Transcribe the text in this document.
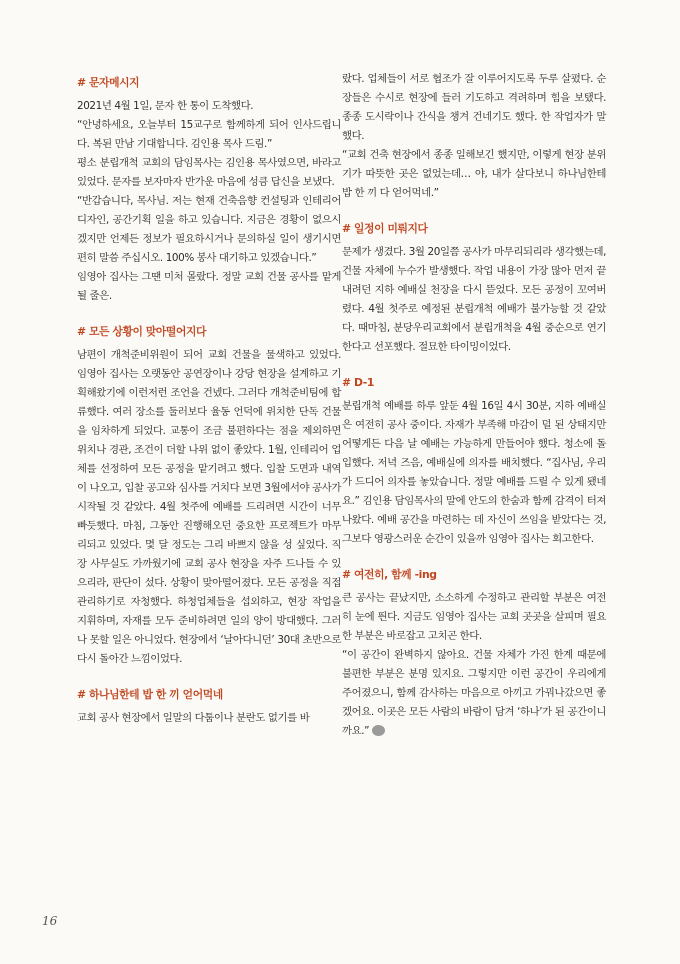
# 문자메시지

2021년 4월 1일, 문자 한 통이 도착했다.

“안녕하세요, 오늘부터 15교구로 함께하게 되어 인사드립니다. 복된 만남 기대합니다. 김인용 목사 드림.”

평소 분립개척 교회의 담임목사는 김인용 목사였으면, 바라고 있었다. 문자를 보자마자 반가운 마음에 성큼 답신을 보냈다.

“반갑습니다, 목사님. 저는 현재 건축음향 컨설팅과 인테리어 디자인, 공간기획 일을 하고 있습니다. 지금은 경황이 없으시겠지만 언제든 정보가 필요하시거나 문의하실 일이 생기시면 편히 말씀 주십시오. 100% 봉사 대기하고 있겠습니다.”

임영아 집사는 그땐 미처 몰랐다. 정말 교회 건물 공사를 맡게 될 줄은.

# 모든 상황이 맞아떨어지다

남편이 개척준비위원이 되어 교회 건물을 물색하고 있었다. 임영아 집사는 오랫동안 공연장이나 강당 현장을 설계하고 기획해왔기에 이런저런 조언을 건넸다. 그러다 개척준비팀에 합류했다. 여러 장소를 둘러보다 율동 언덕에 위치한 단독 건물을 임차하게 되었다. 교통이 조금 불편하다는 점을 제외하면 위치나 경관, 조건이 더할 나위 없이 좋았다. 1월, 인테리어 업체를 선정하여 모든 공정을 맡기려고 했다. 입찰 도면과 내역이 나오고, 입찰 공고와 심사를 거치다 보면 3월에서야 공사가 시작될 것 같았다. 4월 첫주에 예배를 드리려면 시간이 너무 빠듯했다. 마침, 그동안 진행해오던 중요한 프로젝트가 마무리되고 있었다. 몇 달 정도는 그리 바쁘지 않을 성 싶었다. 직장 사무실도 가까웠기에 교회 공사 현장을 자주 드나들 수 있으리라, 판단이 섰다. 상황이 맞아떨어졌다. 모든 공정을 직접 관리하기로 자청했다. 하청업체들을 섭외하고, 현장 작업을 지휘하며, 자재를 모두 준비하려면 일의 양이 방대했다. 그러나 못할 일은 아니었다. 현장에서 ‘날아다니던’ 30대 초반으로 다시 돌아간 느낌이었다.

# 하나님한테 밥 한 끼 얻어먹네

교회 공사 현장에서 일말의 다툼이나 분란도 없기를 바

랐다. 업체들이 서로 협조가 잘 이루어지도록 두루 살폈다. 순장들은 수시로 현장에 들러 기도하고 격려하며 힘을 보탰다. 종종 도시락이나 간식을 챙겨 건네기도 했다. 한 작업자가 말했다.

“교회 건축 현장에서 종종 일해보긴 했지만, 이렇게 현장 분위기가 따뜻한 곳은 없었는데… 야, 내가 살다보니 하나님한테 밥 한 끼 다 얻어먹네.”

# 일정이 미뤄지다

문제가 생겼다. 3월 20일쯤 공사가 마무리되리라 생각했는데, 건물 자체에 누수가 발생했다. 작업 내용이 가장 많아 먼저 끝내려던 지하 예배실 천장을 다시 뜯었다. 모든 공정이 꼬여버렸다. 4월 첫주로 예정된 분립개척 예배가 불가능할 것 같았다. 때마침, 분당우리교회에서 분립개척을 4월 중순으로 연기한다고 선포했다. 절묘한 타이밍이었다.

# D-1

분립개척 예배를 하루 앞둔 4월 16일 4시 30분, 지하 예배실은 여전히 공사 중이다. 자재가 부족해 마감이 덜 된 상태지만 어떻게든 다음 날 예배는 가능하게 만들어야 했다. 청소에 돌입했다. 저녁 즈음, 예배실에 의자를 배치했다. “집사님, 우리가 드디어 의자를 놓았습니다. 정말 예배를 드릴 수 있게 됐네요.” 김인용 담임목사의 말에 안도의 한숨과 함께 감격이 터져나왔다. 예배 공간을 마련하는 데 자신이 쓰임을 받았다는 것, 그보다 영광스러운 순간이 있을까 임영아 집사는 회고한다.

# 여전히, 함께 -ing

큰 공사는 끝났지만, 소소하게 수정하고 관리할 부분은 여전히 눈에 띈다. 지금도 임영아 집사는 교회 곳곳을 살피며 필요한 부분은 바로잡고 고치곤 한다.

“이 공간이 완벽하지 않아요. 건물 자체가 가진 한계 때문에 불편한 부분은 분명 있지요. 그렇지만 이런 공간이 우리에게 주어졌으니, 함께 감사하는 마음으로 아끼고 가꿔나갔으면 좋겠어요. 이곳은 모든 사람의 바람이 담겨 ‘하나’가 된 공간이니까요.”

16
